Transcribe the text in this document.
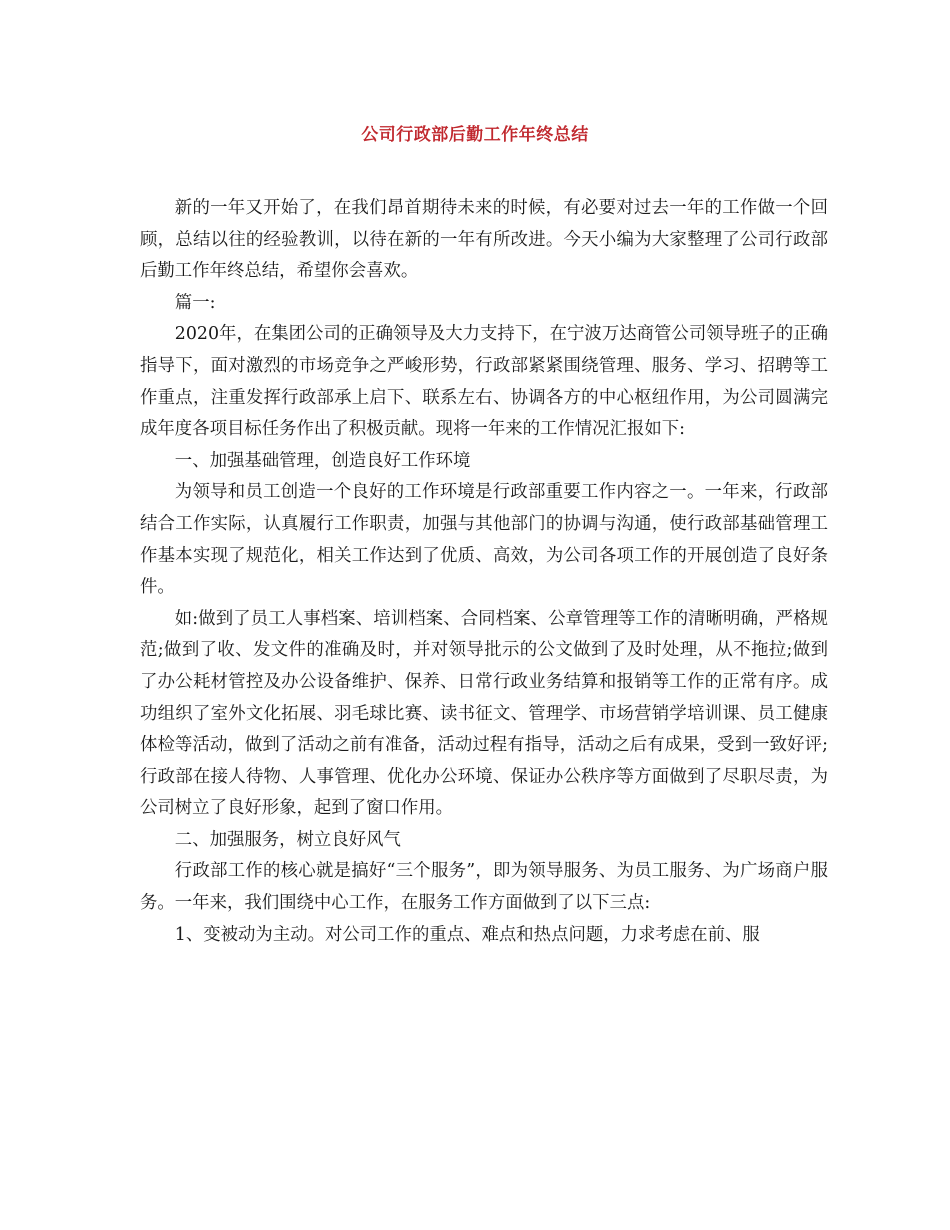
公司行政部后勤工作年终总结

新的一年又开始了，在我们昂首期待未来的时候，有必要对过去一年的工作做一个回顾，总结以往的经验教训，以待在新的一年有所改进。今天小编为大家整理了公司行政部后勤工作年终总结，希望你会喜欢。

篇一:

2020年，在集团公司的正确领导及大力支持下，在宁波万达商管公司领导班子的正确指导下，面对激烈的市场竞争之严峻形势，行政部紧紧围绕管理、服务、学习、招聘等工作重点，注重发挥行政部承上启下、联系左右、协调各方的中心枢纽作用，为公司圆满完成年度各项目标任务作出了积极贡献。现将一年来的工作情况汇报如下:

一、加强基础管理，创造良好工作环境

为领导和员工创造一个良好的工作环境是行政部重要工作内容之一。一年来，行政部结合工作实际，认真履行工作职责，加强与其他部门的协调与沟通，使行政部基础管理工作基本实现了规范化，相关工作达到了优质、高效，为公司各项工作的开展创造了良好条件。

如:做到了员工人事档案、培训档案、合同档案、公章管理等工作的清晰明确，严格规范;做到了收、发文件的准确及时，并对领导批示的公文做到了及时处理，从不拖拉;做到了办公耗材管控及办公设备维护、保养、日常行政业务结算和报销等工作的正常有序。成功组织了室外文化拓展、羽毛球比赛、读书征文、管理学、市场营销学培训课、员工健康体检等活动，做到了活动之前有准备，活动过程有指导，活动之后有成果，受到一致好评;行政部在接人待物、人事管理、优化办公环境、保证办公秩序等方面做到了尽职尽责，为公司树立了良好形象，起到了窗口作用。

二、加强服务，树立良好风气

行政部工作的核心就是搞好“三个服务”，即为领导服务、为员工服务、为广场商户服务。一年来，我们围绕中心工作，在服务工作方面做到了以下三点:

1、变被动为主动。对公司工作的重点、难点和热点问题，力求考虑在前、服
